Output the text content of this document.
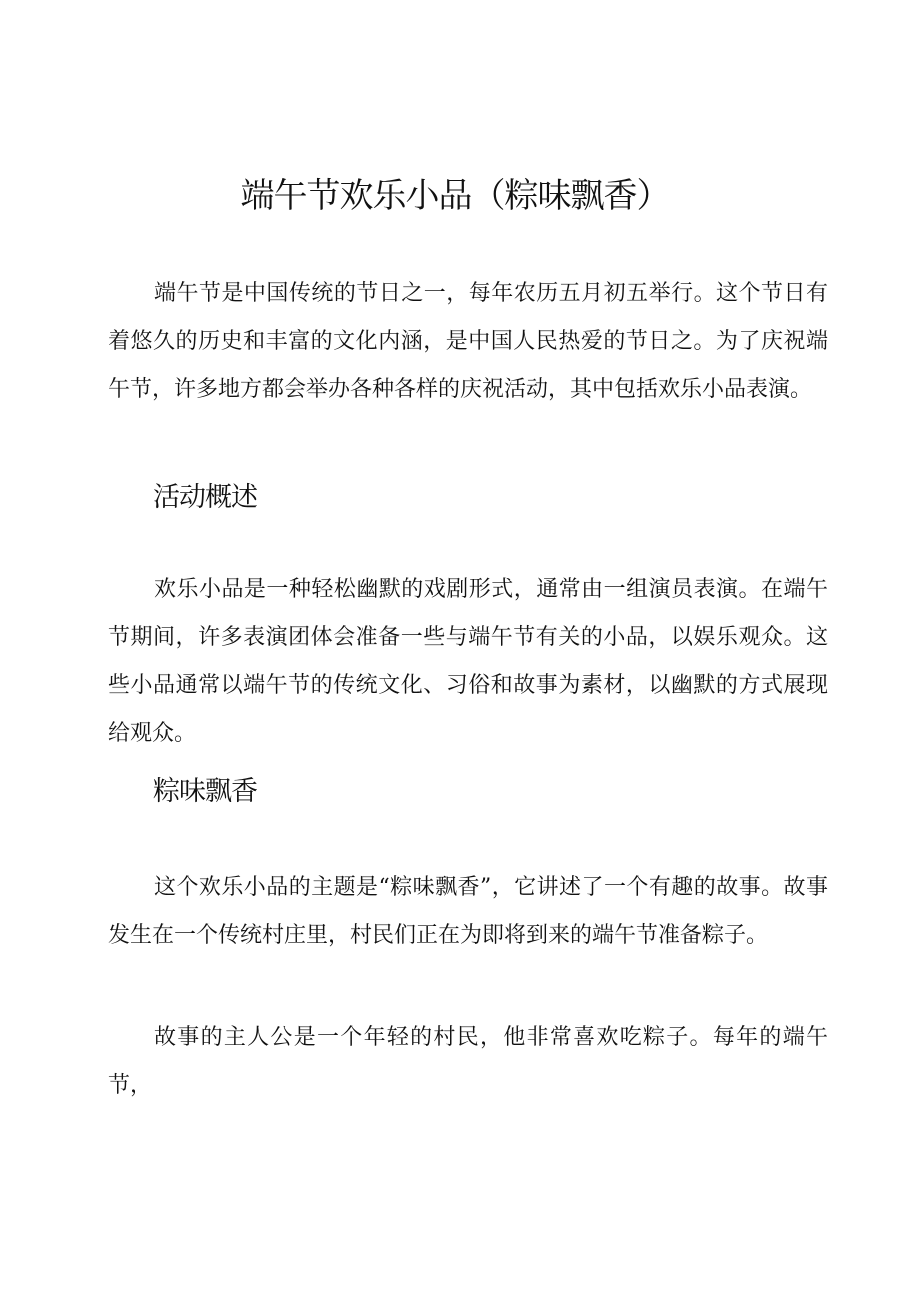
端午节欢乐小品（粽味飘香）

端午节是中国传统的节日之一，每年农历五月初五举行。这个节日有着悠久的历史和丰富的文化内涵，是中国人民热爱的节日之。为了庆祝端午节，许多地方都会举办各种各样的庆祝活动，其中包括欢乐小品表演。

活动概述

欢乐小品是一种轻松幽默的戏剧形式，通常由一组演员表演。在端午节期间，许多表演团体会准备一些与端午节有关的小品，以娱乐观众。这些小品通常以端午节的传统文化、习俗和故事为素材，以幽默的方式展现给观众。

粽味飘香

这个欢乐小品的主题是“粽味飘香”，它讲述了一个有趣的故事。故事发生在一个传统村庄里，村民们正在为即将到来的端午节准备粽子。

故事的主人公是一个年轻的村民，他非常喜欢吃粽子。每年的端午节，
